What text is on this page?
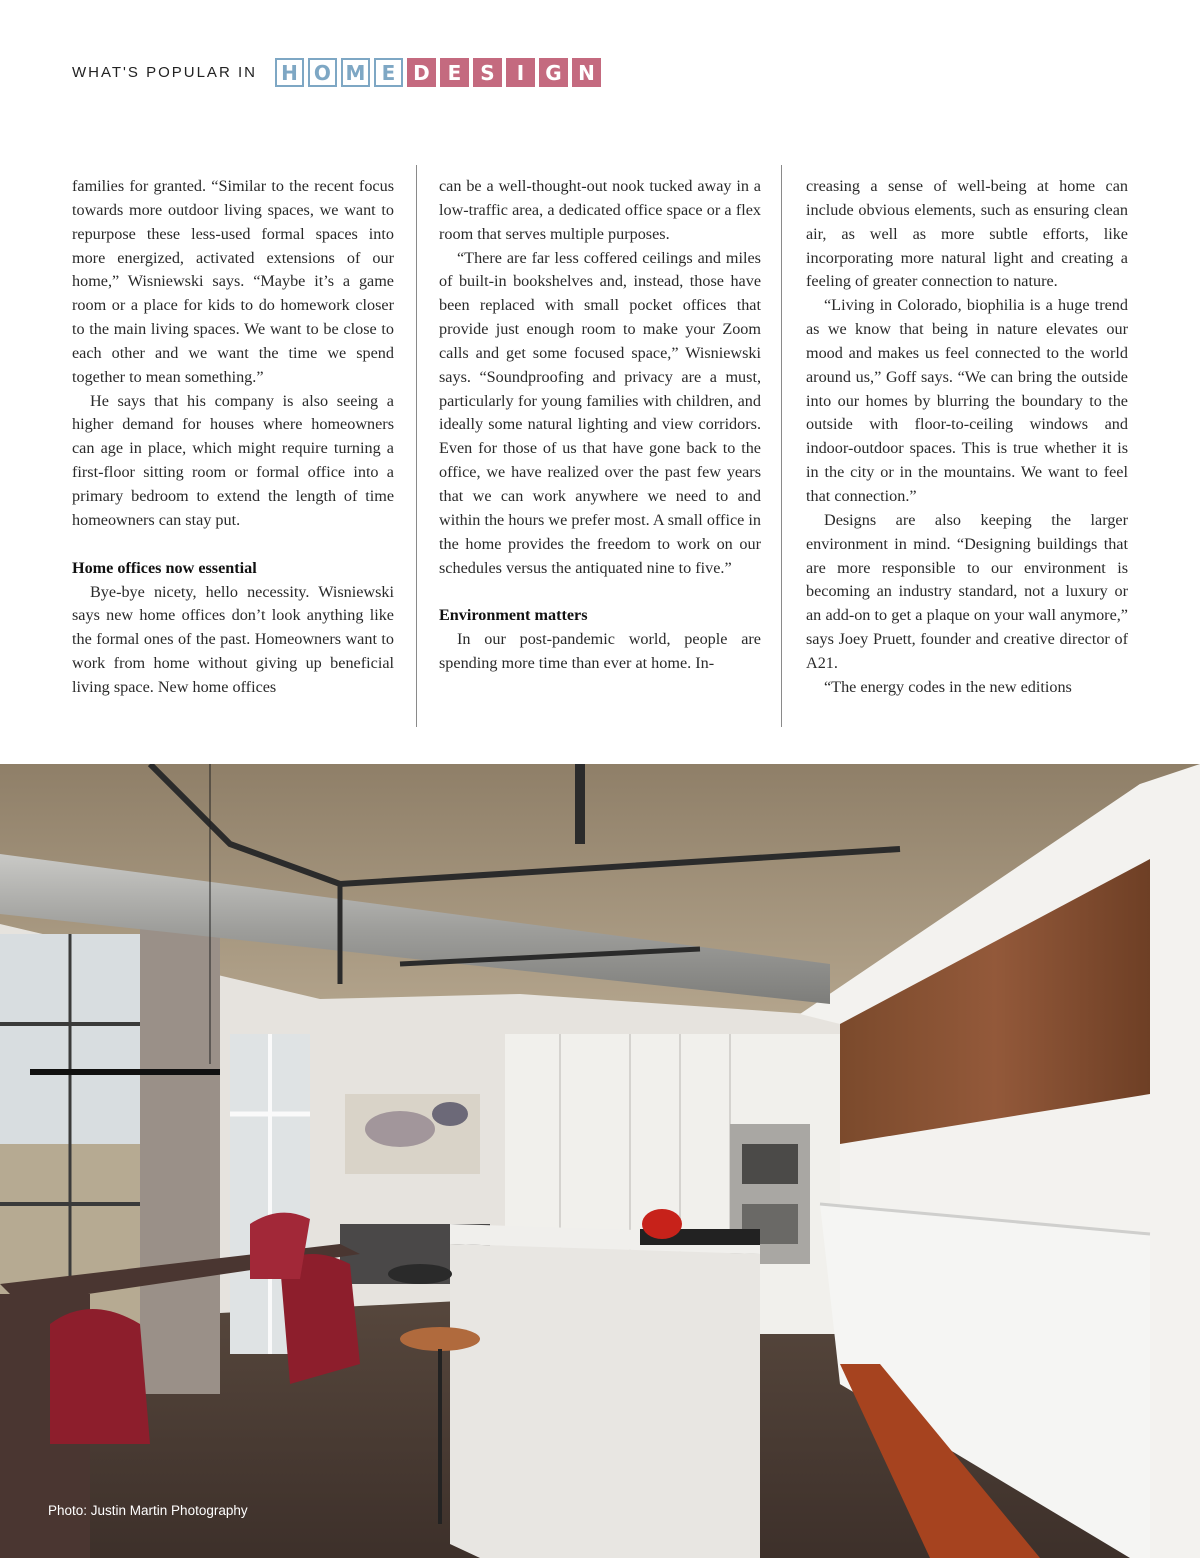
WHAT'S POPULAR IN	H O M E D E S	I	G N

families for granted. “Similar to the recent focus towards more outdoor living spaces, we want to repurpose these less-used formal spaces into more energized, activated extensions of our home,” Wisniewski says. “Maybe it’s a game room or a place for kids to do homework closer to the main living spaces. We want to be close to each other and we want the time we spend together to mean something.”

He says that his company is also seeing a higher demand for houses where homeowners can age in place, which might require turning a first-floor sitting room or formal office into a primary bedroom to extend the length of time homeowners can stay put.

Home offices now essential

Bye-bye nicety, hello necessity. Wisniewski says new home offices don’t look anything like the formal ones of the past. Homeowners want to work from home without giving up beneficial living space. New home offices

can be a well-thought-out nook tucked away in a low-traffic area, a dedicated office space or a flex room that serves multiple purposes.

“There are far less coffered ceilings and miles of built-in bookshelves and, instead, those have been replaced with small pocket offices that provide just enough room to make your Zoom calls and get some focused space,” Wisniewski says. “Soundproofing and privacy are a must, particularly for young families with children, and ideally some natural lighting and view corridors. Even for those of us that have gone back to the office, we have realized over the past few years that we can work anywhere we need to and within the hours we prefer most. A small office in the home provides the freedom to work on our schedules versus the antiquated nine to five.”

Environment matters

In our post-pandemic world, people are spending more time than ever at home. In-

creasing a sense of well-being at home can include obvious elements, such as ensuring clean air, as well as more subtle efforts, like incorporating more natural light and creating a feeling of greater connection to nature.

“Living in Colorado, biophilia is a huge trend as we know that being in nature elevates our mood and makes us feel connected to the world around us,” Goff says. “We can bring the outside into our homes by blurring the boundary to the outside with floor-to-ceiling windows and indoor-outdoor spaces. This is true whether it is in the city or in the mountains. We want to feel that connection.”

Designs are also keeping the larger environment in mind. “Designing buildings that are more responsible to our environment is becoming an industry standard, not a luxury or an add-on to get a plaque on your wall anymore,” says Joey Pruett, founder and creative director of A21.

“The energy codes in the new editions

Photo: Justin Martin Photography
